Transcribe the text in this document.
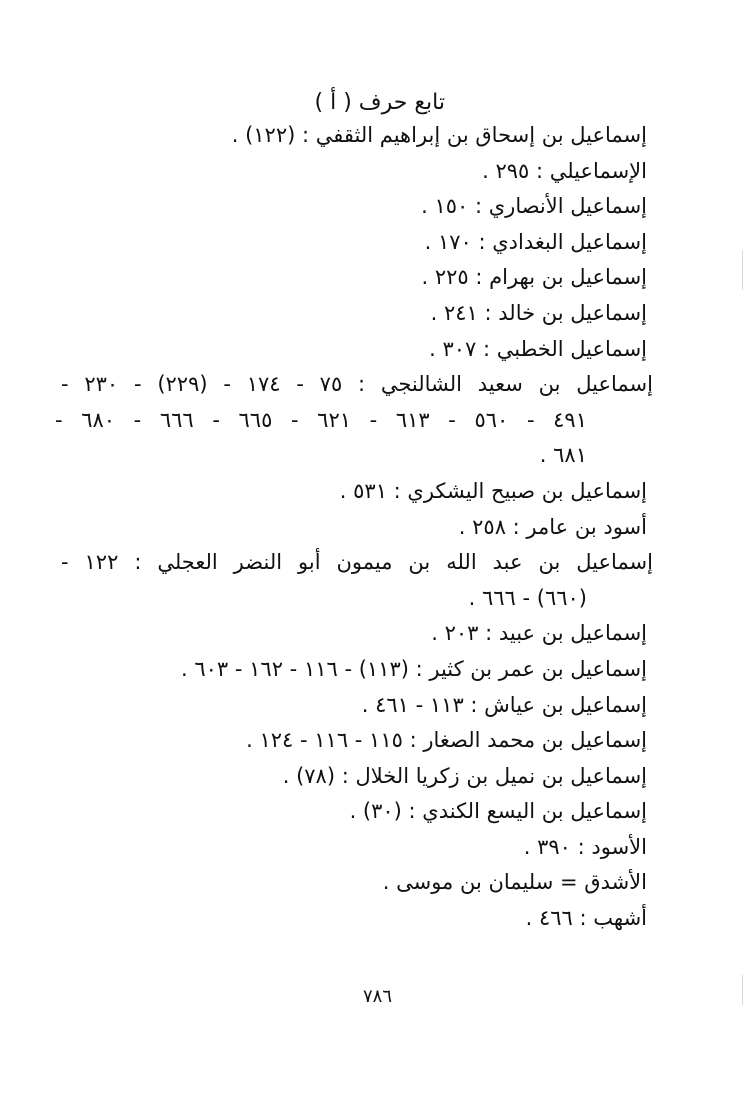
تابع حرف ( أ )
إسماعيل بن إسحاق بن إبراهيم الثقفي : (١٢٢) .
الإسماعيلي : ٢٩٥ .
إسماعيل الأنصاري : ١٥٠ .
إسماعيل البغدادي : ١٧٠ .
إسماعيل بن بهرام : ٢٢٥ .
إسماعيل بن خالد : ٢٤١ .
إسماعيل الخطبي : ٣٠٧ .
إسماعيل بن سعيد الشالنجي : ٧٥ - ١٧٤ - (٢٢٩) - ٢٣٠ -
٤٩١ - ٥٦٠ - ٦١٣ - ٦٢١ - ٦٦٥ - ٦٦٦ - ٦٨٠ -
٦٨١ .
إسماعيل بن صبيح اليشكري : ٥٣١ .
أسود بن عامر : ٢٥٨ .
إسماعيل بن عبد الله بن ميمون أبو النضر العجلي : ١٢٢ -
(٦٦٠) - ٦٦٦ .
إسماعيل بن عبيد : ٢٠٣ .
إسماعيل بن عمر بن كثير : (١١٣) - ١١٦ - ١٦٢ - ٦٠٣ .
إسماعيل بن عياش : ١١٣ - ٤٦١ .
إسماعيل بن محمد الصغار : ١١٥ - ١١٦ - ١٢٤ .
إسماعيل بن نميل بن زكريا الخلال : (٧٨) .
إسماعيل بن اليسع الكندي : (٣٠) .
الأسود : ٣٩٠ .
الأشدق = سليمان بن موسى .
أشهب : ٤٦٦ .
٧٨٦
